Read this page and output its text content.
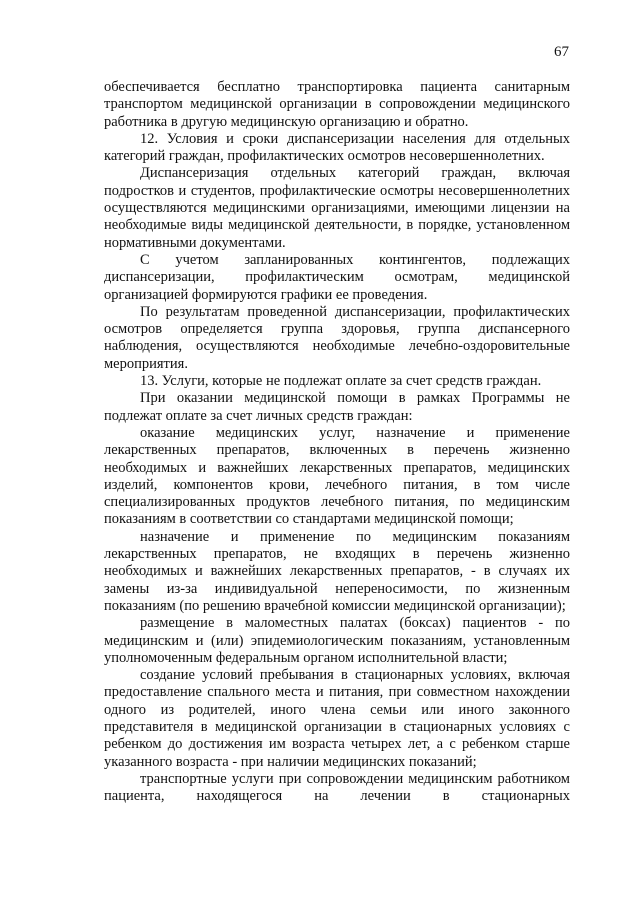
67

обеспечивается бесплатно транспортировка пациента санитарным транспортом медицинской организации в сопровождении медицинского работника в другую медицинскую организацию и обратно.

12. Условия и сроки диспансеризации населения для отдельных категорий граждан, профилактических осмотров несовершеннолетних.

Диспансеризация отдельных категорий граждан, включая подростков и студентов, профилактические осмотры несовершеннолетних осуществляются медицинскими организациями, имеющими лицензии на необходимые виды медицинской деятельности, в порядке, установленном нормативными документами.

С учетом запланированных контингентов, подлежащих диспансеризации, профилактическим осмотрам, медицинской организацией формируются графики ее проведения.

По результатам проведенной диспансеризации, профилактических осмотров определяется группа здоровья, группа диспансерного наблюдения, осуществляются необходимые лечебно-оздоровительные мероприятия.

13. Услуги, которые не подлежат оплате за счет средств граждан.

При оказании медицинской помощи в рамках Программы не подлежат оплате за счет личных средств граждан:

оказание медицинских услуг, назначение и применение лекарственных препаратов, включенных в перечень жизненно необходимых и важнейших лекарственных препаратов, медицинских изделий, компонентов крови, лечебного питания, в том числе специализированных продуктов лечебного питания, по медицинским показаниям в соответствии со стандартами медицинской помощи;

назначение и применение по медицинским показаниям лекарственных препаратов, не входящих в перечень жизненно необходимых и важнейших лекарственных препаратов, - в случаях их замены из-за индивидуальной непереносимости, по жизненным показаниям (по решению врачебной комиссии медицинской организации);

размещение в маломестных палатах (боксах) пациентов - по медицинским и (или) эпидемиологическим показаниям, установленным уполномоченным федеральным органом исполнительной власти;

создание условий пребывания в стационарных условиях, включая предоставление спального места и питания, при совместном нахождении одного из родителей, иного члена семьи или иного законного представителя в медицинской организации в стационарных условиях с ребенком до достижения им возраста четырех лет, а с ребенком старше указанного возраста - при наличии медицинских показаний;

транспортные услуги при сопровождении медицинским работником пациента, находящегося на лечении в стационарных
